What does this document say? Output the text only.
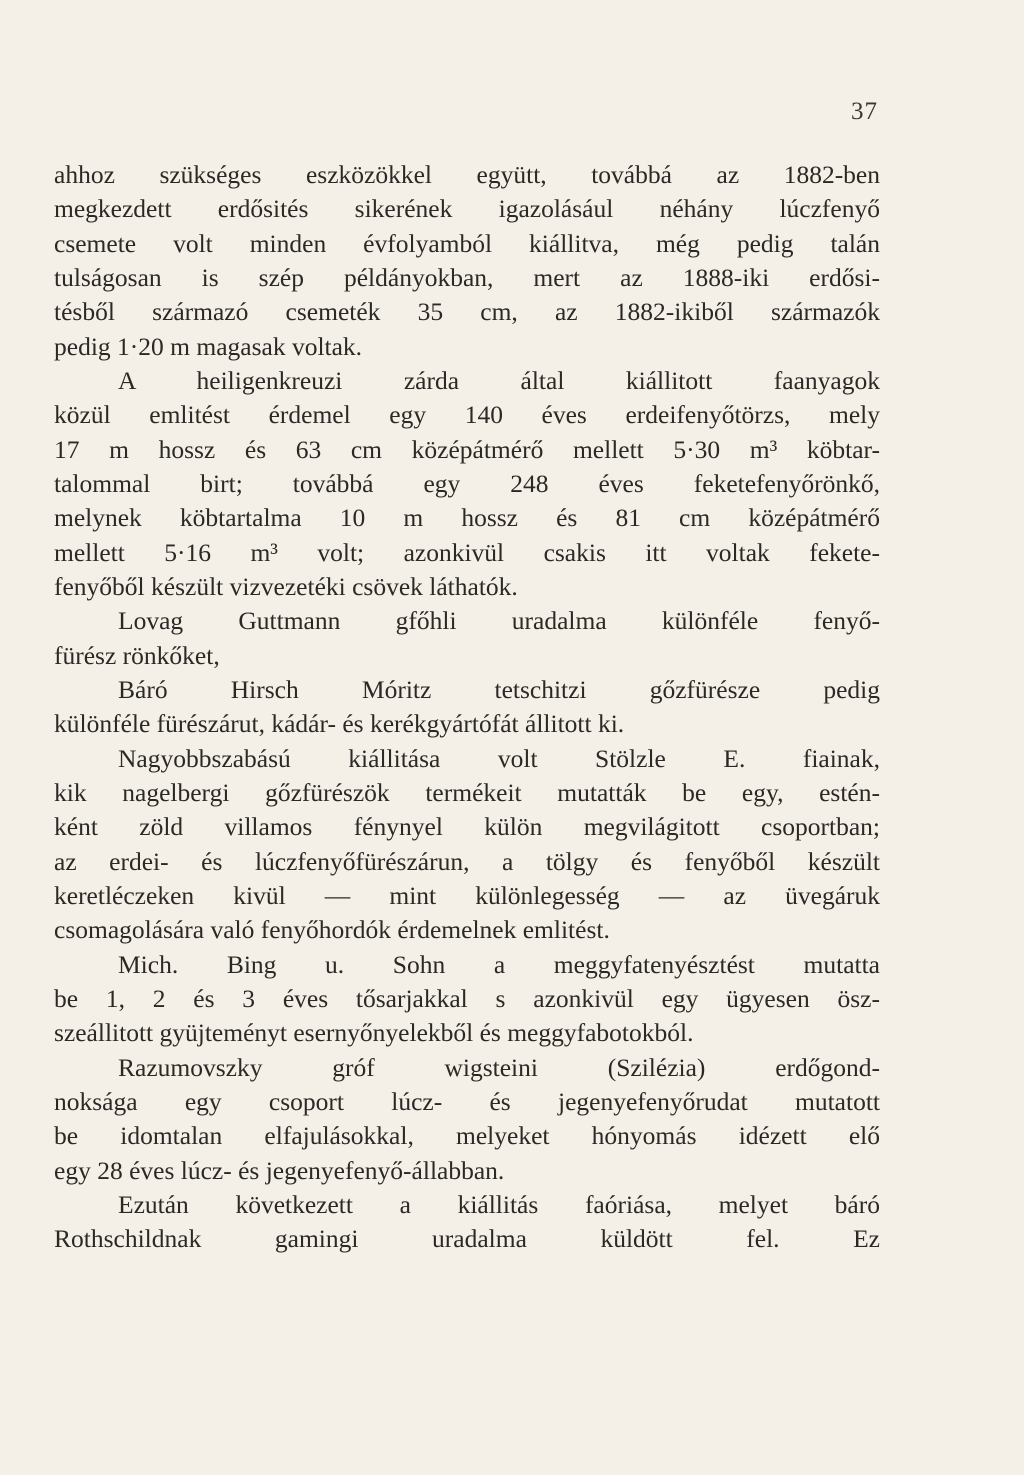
37
ahhoz szükséges eszközökkel együtt, továbbá az 1882-ben
megkezdett erdősités sikerének igazolásául néhány lúczfenyő
csemete volt minden évfolyamból kiállitva, még pedig talán
tulságosan is szép példányokban, mert az 1888-iki erdősi-
tésből származó csemeték 35 cm, az 1882-ikiből származók
pedig 1·20 m magasak voltak.
A heiligenkreuzi zárda által kiállitott faanyagok
közül emlitést érdemel egy 140 éves erdeifenyőtörzs, mely
17 m hossz és 63 cm középátmérő mellett 5·30 m³ köbtar-
talommal birt; továbbá egy 248 éves feketefenyőrönkő,
melynek köbtartalma 10 m hossz és 81 cm középátmérő
mellett 5·16 m³ volt; azonkivül csakis itt voltak fekete-
fenyőből készült vizvezetéki csövek láthatók.
Lovag Guttmann gfőhli uradalma különféle fenyő-
fürész rönkőket,
Báró Hirsch Móritz tetschitzi gőzfürésze pedig
különféle fürészárut, kádár- és kerékgyártófát állitott ki.
Nagyobbszabású kiállitása volt Stölzle E. fiainak,
kik nagelbergi gőzfürészök termékeit mutatták be egy, estén-
ként zöld villamos fénynyel külön megvilágitott csoportban;
az erdei- és lúczfenyőfürészárun, a tölgy és fenyőből készült
keretléczeken kivül — mint különlegesség — az üvegáruk
csomagolására való fenyőhordók érdemelnek emlitést.
Mich. Bing u. Sohn a meggyfatenyésztést mutatta
be 1, 2 és 3 éves tősarjakkal s azonkivül egy ügyesen ösz-
szeállitott gyüjteményt esernyőnyelekből és meggyfabotokból.
Razumovszky gróf wigsteini (Szilézia) erdőgond-
noksága egy csoport lúcz- és jegenyefenyőrudat mutatott
be idomtalan elfajulásokkal, melyeket hónyomás idézett elő
egy 28 éves lúcz- és jegenyefenyő-állabban.
Ezután következett a kiállitás faóriása, melyet báró
Rothschildnak gamingi uradalma küldött fel. Ez
